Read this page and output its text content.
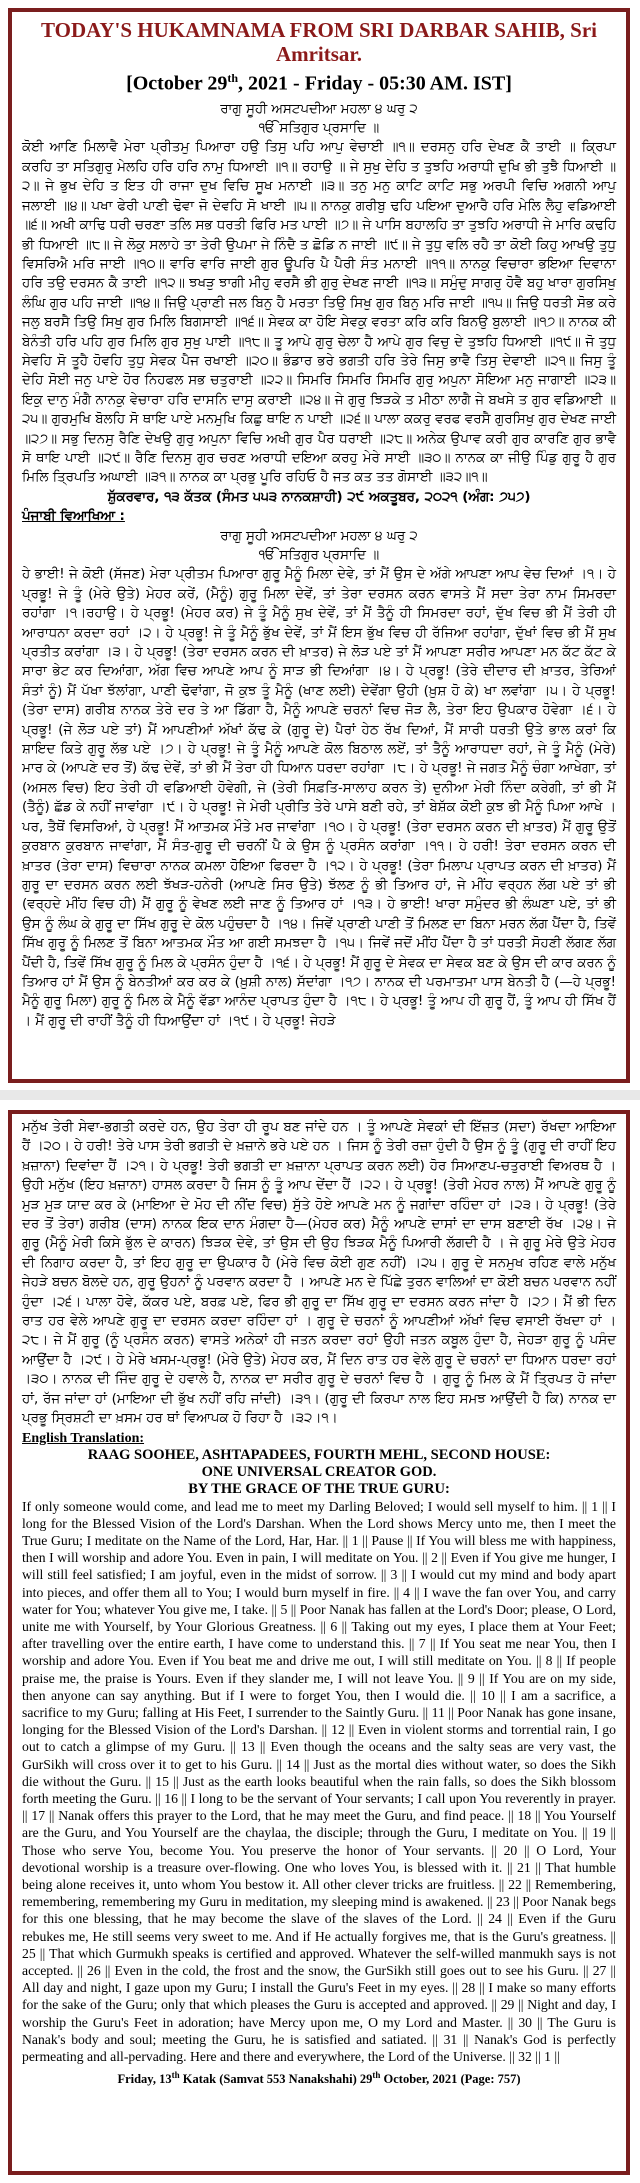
TODAY'S HUKAMNAMA FROM SRI DARBAR SAHIB, Sri Amritsar.
[October 29th, 2021 - Friday - 05:30 AM. IST]
ਰਾਗੁ ਸੂਹੀ ਅਸਟਪਦੀਆ ਮਹਲਾ ੪ ਘਰੁ ੨
ੴ ਸਤਿਗੁਰ ਪ੍ਰਸਾਦਿ ॥
ਕੋਈ ਆਣਿ ਮਿਲਾਵੈ ਮੇਰਾ ਪ੍ਰੀਤਮੁ ਪਿਆਰਾ ਹਉ ਤਿਸੁ ਪਹਿ ਆਪੁ ਵੇਚਾਈ ॥੧॥ ਦਰਸਨੁ ਹਰਿ ਦੇਖਣ ਕੈ ਤਾਈ ॥ ਕ੍ਰਿਪਾ ਕਰਹਿ ਤਾ ਸਤਿਗੁਰੁ ਮੇਲਹਿ ਹਰਿ ਹਰਿ ਨਾਮੁ ਧਿਆਈ ॥੧॥ ਰਹਾਉ ॥ ਜੇ ਸੁਖੁ ਦੇਹਿ ਤ ਤੁਝਹਿ ਅਰਾਧੀ ਦੁਖਿ ਭੀ ਤੁਝੈ ਧਿਆਈ ॥੨॥ ਜੇ ਭੁਖ ਦੇਹਿ ਤ ਇਤ ਹੀ ਰਾਜਾ ਦੁਖ ਵਿਚਿ ਸੂਖ ਮਨਾਈ ॥੩॥ ਤਨੁ ਮਨੁ ਕਾਟਿ ਕਾਟਿ ਸਭੁ ਅਰਪੀ ਵਿਚਿ ਅਗਨੀ ਆਪੁ ਜਲਾਈ ॥੪॥ ਪਖਾ ਫੇਰੀ ਪਾਣੀ ਢੋਵਾ ਜੋ ਦੇਵਹਿ ਸੋ ਖਾਈ ॥੫॥ ਨਾਨਕੁ ਗਰੀਬੁ ਢਹਿ ਪਇਆ ਦੁਆਰੈ ਹਰਿ ਮੇਲਿ ਲੈਹੁ ਵਡਿਆਈ ॥੬॥ ਅਖੀ ਕਾਢਿ ਧਰੀ ਚਰਣਾ ਤਲਿ ਸਭ ਧਰਤੀ ਫਿਰਿ ਮਤ ਪਾਈ ॥੭॥ ਜੇ ਪਾਸਿ ਬਹਾਲਹਿ ਤਾ ਤੁਝਹਿ ਅਰਾਧੀ ਜੇ ਮਾਰਿ ਕਢਹਿ ਭੀ ਧਿਆਈ ॥੮॥ ਜੇ ਲੋਕੁ ਸਲਾਹੇ ਤਾ ਤੇਰੀ ਉਪਮਾ ਜੇ ਨਿੰਦੈ ਤ ਛੋਡਿ ਨ ਜਾਈ ॥੯॥ ਜੇ ਤੁਧੁ ਵਲਿ ਰਹੈ ਤਾ ਕੋਈ ਕਿਹੁ ਆਖਉ ਤੁਧੁ ਵਿਸਰਿਐ ਮਰਿ ਜਾਈ ॥੧੦॥ ਵਾਰਿ ਵਾਰਿ ਜਾਈ ਗੁਰ ਊਪਰਿ ਪੈ ਪੈਰੀ ਸੰਤ ਮਨਾਈ ॥੧੧॥ ਨਾਨਕੁ ਵਿਚਾਰਾ ਭਇਆ ਦਿਵਾਨਾ ਹਰਿ ਤਉ ਦਰਸਨ ਕੈ ਤਾਈ ॥੧੨॥ ਝਖੜੁ ਝਾਗੀ ਮੀਹੁ ਵਰਸੈ ਭੀ ਗੁਰੁ ਦੇਖਣ ਜਾਈ ॥੧੩॥ ਸਮੁੰਦੁ ਸਾਗਰੁ ਹੋਵੈ ਬਹੁ ਖਾਰਾ ਗੁਰਸਿਖੁ ਲੰਘਿ ਗੁਰ ਪਹਿ ਜਾਈ ॥੧੪॥ ਜਿਉ ਪ੍ਰਾਣੀ ਜਲ ਬਿਨੁ ਹੈ ਮਰਤਾ ਤਿਉ ਸਿਖੁ ਗੁਰ ਬਿਨੁ ਮਰਿ ਜਾਈ ॥੧੫॥ ਜਿਉ ਧਰਤੀ ਸੋਭ ਕਰੇ ਜਲੁ ਬਰਸੈ ਤਿਉ ਸਿਖੁ ਗੁਰ ਮਿਲਿ ਬਿਗਸਾਈ ॥੧੬॥ ਸੇਵਕ ਕਾ ਹੋਇ ਸੇਵਕੁ ਵਰਤਾ ਕਰਿ ਕਰਿ ਬਿਨਉ ਬੁਲਾਈ ॥੧੭॥ ਨਾਨਕ ਕੀ ਬੇਨੰਤੀ ਹਰਿ ਪਹਿ ਗੁਰ ਮਿਲਿ ਗੁਰ ਸੁਖੁ ਪਾਈ ॥੧੮॥ ਤੂ ਆਪੇ ਗੁਰੁ ਚੇਲਾ ਹੈ ਆਪੇ ਗੁਰ ਵਿਚੁ ਦੇ ਤੁਝਹਿ ਧਿਆਈ ॥੧੯॥ ਜੋ ਤੁਧੁ ਸੇਵਹਿ ਸੋ ਤੂਹੈ ਹੋਵਹਿ ਤੁਧੁ ਸੇਵਕ ਪੈਜ ਰਖਾਈ ॥੨੦॥ ਭੰਡਾਰ ਭਰੇ ਭਗਤੀ ਹਰਿ ਤੇਰੇ ਜਿਸੁ ਭਾਵੈ ਤਿਸੁ ਦੇਵਾਈ ॥੨੧॥ ਜਿਸੁ ਤੂੰ ਦੇਹਿ ਸੋਈ ਜਨੁ ਪਾਏ ਹੋਰ ਨਿਹਫਲ ਸਭ ਚਤੁਰਾਈ ॥੨੨॥ ਸਿਮਰਿ ਸਿਮਰਿ ਸਿਮਰਿ ਗੁਰੁ ਅਪੁਨਾ ਸੋਇਆ ਮਨੁ ਜਾਗਾਈ ॥੨੩॥ ਇਕੁ ਦਾਨੁ ਮੰਗੈ ਨਾਨਕੁ ਵੇਚਾਰਾ ਹਰਿ ਦਾਸਨਿ ਦਾਸੁ ਕਰਾਈ ॥੨੪॥ ਜੇ ਗੁਰੁ ਝਿੜਕੇ ਤ ਮੀਠਾ ਲਾਗੈ ਜੇ ਬਖਸੇ ਤ ਗੁਰ ਵਡਿਆਈ ॥੨੫॥ ਗੁਰਮੁਖਿ ਬੋਲਹਿ ਸੋ ਥਾਇ ਪਾਏ ਮਨਮੁਖਿ ਕਿਛੁ ਥਾਇ ਨ ਪਾਈ ॥੨੬॥ ਪਾਲਾ ਕਕਰੁ ਵਰਫ ਵਰਸੈ ਗੁਰਸਿਖੁ ਗੁਰ ਦੇਖਣ ਜਾਈ ॥੨੭॥ ਸਭੁ ਦਿਨਸੁ ਰੈਣਿ ਦੇਖਉ ਗੁਰੁ ਅਪੁਨਾ ਵਿਚਿ ਅਖੀ ਗੁਰ ਪੈਰ ਧਰਾਈ ॥੨੮॥ ਅਨੇਕ ਉਪਾਵ ਕਰੀ ਗੁਰ ਕਾਰਣਿ ਗੁਰ ਭਾਵੈ ਸੋ ਥਾਇ ਪਾਈ ॥੨੯॥ ਰੈਣਿ ਦਿਨਸੁ ਗੁਰ ਚਰਣ ਅਰਾਧੀ ਦਇਆ ਕਰਹੁ ਮੇਰੇ ਸਾਈ ॥੩੦॥ ਨਾਨਕ ਕਾ ਜੀਉ ਪਿੰਡੁ ਗੁਰੂ ਹੈ ਗੁਰ ਮਿਲਿ ਤ੍ਰਿਪਤਿ ਅਘਾਈ ॥੩੧॥ ਨਾਨਕ ਕਾ ਪ੍ਰਭੁ ਪੂਰਿ ਰਹਿਓ ਹੈ ਜਤ ਕਤ ਤਤ ਗੋਸਾਈ ॥੩੨॥੧॥
ਸ਼ੁੱਕਰਵਾਰ, ੧੩ ਕੱਤਕ (ਸੰਮਤ ੫੫੩ ਨਾਨਕਸ਼ਾਹੀ) ੨੯ ਅਕਤੂਬਰ, ੨੦੨੧ (ਅੰਗ: ੭੫੭)
ਪੰਜਾਬੀ ਵਿਆਖਿਆ :
ਰਾਗੁ ਸੂਹੀ ਅਸਟਪਦੀਆ ਮਹਲਾ ੪ ਘਰੁ ੨
ੴ ਸਤਿਗੁਰ ਪ੍ਰਸਾਦਿ ॥
ਹੇ ਭਾਈ! ਜੇ ਕੋਈ (ਸੱਜਣ) ਮੇਰਾ ਪ੍ਰੀਤਮ ਪਿਆਰਾ ਗੁਰੂ ਮੈਨੂੰ ਮਿਲਾ ਦੇਵੇ, ਤਾਂ ਮੈਂ ਉਸ ਦੇ ਅੱਗੇ ਆਪਣਾ ਆਪ ਵੇਚ ਦਿਆਂ ।੧। ਹੇ ਪ੍ਰਭੂ! ਜੇ ਤੂੰ (ਮੇਰੇ ਉਤੇ) ਮੇਹਰ ਕਰੇਂ, (ਮੈਨੂੰ) ਗੁਰੂ ਮਿਲਾ ਦੇਵੇਂ, ਤਾਂ ਤੇਰਾ ਦਰਸਨ ਕਰਨ ਵਾਸਤੇ ਮੈਂ ਸਦਾ ਤੇਰਾ ਨਾਮ ਸਿਮਰਦਾ ਰਹਾਂਗਾ ।੧।ਰਹਾਉ। ਹੇ ਪ੍ਰਭੂ! (ਮੇਹਰ ਕਰ) ਜੇ ਤੂੰ ਮੈਨੂੰ ਸੁਖ ਦੇਵੇਂ, ਤਾਂ ਮੈਂ ਤੈਨੂੰ ਹੀ ਸਿਮਰਦਾ ਰਹਾਂ, ਦੁੱਖ ਵਿਚ ਭੀ ਮੈਂ ਤੇਰੀ ਹੀ ਆਰਾਧਨਾ ਕਰਦਾ ਰਹਾਂ ।੨। ਹੇ ਪ੍ਰਭੂ! ਜੇ ਤੂੰ ਮੈਨੂੰ ਭੁੱਖ ਦੇਵੇਂ, ਤਾਂ ਮੈਂ ਇਸ ਭੁੱਖ ਵਿਚ ਹੀ ਰੱਜਿਆ ਰਹਾਂਗਾ, ਦੁੱਖਾਂ ਵਿਚ ਭੀ ਮੈਂ ਸੁਖ ਪ੍ਰਤੀਤ ਕਰਾਂਗਾ ।੩। ਹੇ ਪ੍ਰਭੂ! (ਤੇਰਾ ਦਰਸਨ ਕਰਨ ਦੀ ਖ਼ਾਤਰ) ਜੇ ਲੋੜ ਪਏ ਤਾਂ ਮੈਂ ਆਪਣਾ ਸਰੀਰ ਆਪਣਾ ਮਨ ਕੱਟ ਕੱਟ ਕੇ ਸਾਰਾ ਭੇਟ ਕਰ ਦਿਆਂਗਾ, ਅੱਗ ਵਿਚ ਆਪਣੇ ਆਪ ਨੂੰ ਸਾੜ ਭੀ ਦਿਆਂਗਾ ।੪। ਹੇ ਪ੍ਰਭੂ! (ਤੇਰੇ ਦੀਦਾਰ ਦੀ ਖ਼ਾਤਰ, ਤੇਰਿਆਂ ਸੰਤਾਂ ਨੂੰ) ਮੈਂ ਪੱਖਾ ਝੱਲਾਂਗਾ, ਪਾਣੀ ਢੋਵਾਂਗਾ, ਜੋ ਕੁਝ ਤੂੰ ਮੈਨੂੰ (ਖਾਣ ਲਈ) ਦੇਵੇਂਗਾ ਉਹੀ (ਖ਼ੁਸ਼ ਹੋ ਕੇ) ਖਾ ਲਵਾਂਗਾ ।੫। ਹੇ ਪ੍ਰਭੂ! (ਤੇਰਾ ਦਾਸ) ਗਰੀਬ ਨਾਨਕ ਤੇਰੇ ਦਰ ਤੇ ਆ ਡਿੱਗਾ ਹੈ, ਮੈਨੂੰ ਆਪਣੇ ਚਰਨਾਂ ਵਿਚ ਜੋੜ ਲੈ, ਤੇਰਾ ਇਹ ਉਪਕਾਰ ਹੋਵੇਗਾ ।੬। ਹੇ ਪ੍ਰਭੂ! (ਜੇ ਲੋੜ ਪਏ ਤਾਂ) ਮੈਂ ਆਪਣੀਆਂ ਅੱਖਾਂ ਕੱਢ ਕੇ (ਗੁਰੂ ਦੇ) ਪੈਰਾਂ ਹੇਠ ਰੱਖ ਦਿਆਂ, ਮੈਂ ਸਾਰੀ ਧਰਤੀ ਉਤੇ ਭਾਲ ਕਰਾਂ ਕਿ ਸ਼ਾਇਦ ਕਿਤੇ ਗੁਰੂ ਲੱਭ ਪਏ ।੭। ਹੇ ਪ੍ਰਭੂ! ਜੇ ਤੂੰ ਮੈਨੂੰ ਆਪਣੇ ਕੋਲ ਬਿਠਾਲ ਲਏਂ, ਤਾਂ ਤੈਨੂੰ ਆਰਾਧਦਾ ਰਹਾਂ, ਜੇ ਤੂੰ ਮੈਨੂੰ (ਮੇਰੇ) ਮਾਰ ਕੇ (ਆਪਣੇ ਦਰ ਤੋਂ) ਕੱਢ ਦੇਵੇਂ, ਤਾਂ ਭੀ ਮੈਂ ਤੇਰਾ ਹੀ ਧਿਆਨ ਧਰਦਾ ਰਹਾਂਗਾ ।੮। ਹੇ ਪ੍ਰਭੂ! ਜੇ ਜਗਤ ਮੈਨੂੰ ਚੰਗਾ ਆਖੇਗਾ, ਤਾਂ (ਅਸਲ ਵਿਚ) ਇਹ ਤੇਰੀ ਹੀ ਵਡਿਆਈ ਹੋਵੇਗੀ, ਜੇ (ਤੇਰੀ ਸਿਫ਼ਤਿ-ਸਾਲਾਹ ਕਰਨ ਤੇ) ਦੁਨੀਆ ਮੇਰੀ ਨਿੰਦਾ ਕਰੇਗੀ, ਤਾਂ ਭੀ ਮੈਂ (ਤੈਨੂੰ) ਛੱਡ ਕੇ ਨਹੀਂ ਜਾਵਾਂਗਾ ।੯। ਹੇ ਪ੍ਰਭੂ! ਜੇ ਮੇਰੀ ਪ੍ਰੀਤਿ ਤੇਰੇ ਪਾਸੇ ਬਣੀ ਰਹੇ, ਤਾਂ ਬੇਸ਼ੱਕ ਕੋਈ ਕੁਝ ਭੀ ਮੈਨੂੰ ਪਿਆ ਆਖੇ । ਪਰ, ਤੈਥੋਂ ਵਿਸਰਿਆਂ, ਹੇ ਪ੍ਰਭੂ! ਮੈਂ ਆਤਮਕ ਮੌਤੇ ਮਰ ਜਾਵਾਂਗਾ ।੧੦। ਹੇ ਪ੍ਰਭੂ! (ਤੇਰਾ ਦਰਸਨ ਕਰਨ ਦੀ ਖ਼ਾਤਰ) ਮੈਂ ਗੁਰੂ ਉਤੋਂ ਕੁਰਬਾਨ ਕੁਰਬਾਨ ਜਾਵਾਂਗਾ, ਮੈਂ ਸੰਤ-ਗੁਰੂ ਦੀ ਚਰਨੀਂ ਪੈ ਕੇ ਉਸ ਨੂੰ ਪ੍ਰਸੰਨ ਕਰਾਂਗਾ ।੧੧। ਹੇ ਹਰੀ! ਤੇਰਾ ਦਰਸਨ ਕਰਨ ਦੀ ਖ਼ਾਤਰ (ਤੇਰਾ ਦਾਸ) ਵਿਚਾਰਾ ਨਾਨਕ ਕਮਲਾ ਹੋਇਆ ਫਿਰਦਾ ਹੈ ।੧੨। ਹੇ ਪ੍ਰਭੂ! (ਤੇਰਾ ਮਿਲਾਪ ਪ੍ਰਾਪਤ ਕਰਨ ਦੀ ਖ਼ਾਤਰ) ਮੈਂ ਗੁਰੂ ਦਾ ਦਰਸਨ ਕਰਨ ਲਈ ਝੱਖੜ-ਹਨੇਰੀ (ਆਪਣੇ ਸਿਰ ਉਤੇ) ਝੱਲਣ ਨੂੰ ਭੀ ਤਿਆਰ ਹਾਂ, ਜੇ ਮੀਂਹ ਵਰ੍ਹਨ ਲੱਗ ਪਏ ਤਾਂ ਭੀ (ਵਰ੍ਹਦੇ ਮੀਂਹ ਵਿਚ ਹੀ) ਮੈਂ ਗੁਰੂ ਨੂੰ ਵੇਖਣ ਲਈ ਜਾਣ ਨੂੰ ਤਿਆਰ ਹਾਂ ।੧੩। ਹੇ ਭਾਈ! ਖਾਰਾ ਸਮੁੰਦਰ ਭੀ ਲੰਘਣਾ ਪਏ, ਤਾਂ ਭੀ ਉਸ ਨੂੰ ਲੰਘ ਕੇ ਗੁਰੂ ਦਾ ਸਿੱਖ ਗੁਰੂ ਦੇ ਕੋਲ ਪਹੁੰਚਦਾ ਹੈ ।੧੪। ਜਿਵੇਂ ਪ੍ਰਾਣੀ ਪਾਣੀ ਤੋਂ ਮਿਲਣ ਦਾ ਬਿਨਾ ਮਰਨ ਲੱਗ ਪੈਂਦਾ ਹੈ, ਤਿਵੇਂ ਸਿੱਖ ਗੁਰੂ ਨੂੰ ਮਿਲਣ ਤੋਂ ਬਿਨਾ ਆਤਮਕ ਮੌਤ ਆ ਗਈ ਸਮਝਦਾ ਹੈ ।੧੫। ਜਿਵੇਂ ਜਦੋਂ ਮੀਂਹ ਪੈਂਦਾ ਹੈ ਤਾਂ ਧਰਤੀ ਸੋਹਣੀ ਲੱਗਣ ਲੱਗ ਪੈਂਦੀ ਹੈ, ਤਿਵੇਂ ਸਿੱਖ ਗੁਰੂ ਨੂੰ ਮਿਲ ਕੇ ਪ੍ਰਸੰਨ ਹੁੰਦਾ ਹੈ ।੧੬। ਹੇ ਪ੍ਰਭੂ! ਮੈਂ ਗੁਰੂ ਦੇ ਸੇਵਕ ਦਾ ਸੇਵਕ ਬਣ ਕੇ ਉਸ ਦੀ ਕਾਰ ਕਰਨ ਨੂੰ ਤਿਆਰ ਹਾਂ ਮੈਂ ਉਸ ਨੂੰ ਬੇਨਤੀਆਂ ਕਰ ਕਰ ਕੇ (ਖ਼ੁਸ਼ੀ ਨਾਲ) ਸੱਦਾਂਗਾ ।੧੭। ਨਾਨਕ ਦੀ ਪਰਮਾਤਮਾ ਪਾਸ ਬੇਨਤੀ ਹੈ (—ਹੇ ਪ੍ਰਭੂ! ਮੈਨੂੰ ਗੁਰੂ ਮਿਲਾ) ਗੁਰੂ ਨੂੰ ਮਿਲ ਕੇ ਮੈਨੂੰ ਵੱਡਾ ਆਨੰਦ ਪ੍ਰਾਪਤ ਹੁੰਦਾ ਹੈ ।੧੮। ਹੇ ਪ੍ਰਭੂ! ਤੂੰ ਆਪ ਹੀ ਗੁਰੂ ਹੈਂ, ਤੂੰ ਆਪ ਹੀ ਸਿੱਖ ਹੈਂ । ਮੈਂ ਗੁਰੂ ਦੀ ਰਾਹੀਂ ਤੈਨੂੰ ਹੀ ਧਿਆਉਂਦਾ ਹਾਂ ।੧੯। ਹੇ ਪ੍ਰਭੂ! ਜੇਹੜੇ
ਮਨੁੱਖ ਤੇਰੀ ਸੇਵਾ-ਭਗਤੀ ਕਰਦੇ ਹਨ, ਉਹ ਤੇਰਾ ਹੀ ਰੂਪ ਬਣ ਜਾਂਦੇ ਹਨ । ਤੂੰ ਆਪਣੇ ਸੇਵਕਾਂ ਦੀ ਇੱਜ਼ਤ (ਸਦਾ) ਰੱਖਦਾ ਆਇਆ ਹੈਂ ।੨੦। ਹੇ ਹਰੀ! ਤੇਰੇ ਪਾਸ ਤੇਰੀ ਭਗਤੀ ਦੇ ਖ਼ਜ਼ਾਨੇ ਭਰੇ ਪਏ ਹਨ । ਜਿਸ ਨੂੰ ਤੇਰੀ ਰਜ਼ਾ ਹੁੰਦੀ ਹੈ ਉਸ ਨੂੰ ਤੂੰ (ਗੁਰੂ ਦੀ ਰਾਹੀਂ ਇਹ ਖ਼ਜ਼ਾਨਾ) ਦਿਵਾਂਦਾ ਹੈਂ ।੨੧। ਹੇ ਪ੍ਰਭੂ! ਤੇਰੀ ਭਗਤੀ ਦਾ ਖ਼ਜ਼ਾਨਾ ਪ੍ਰਾਪਤ ਕਰਨ ਲਈ) ਹੋਰ ਸਿਆਣਪ-ਚਤੁਰਾਈ ਵਿਅਰਥ ਹੈ । ਉਹੀ ਮਨੁੱਖ (ਇਹ ਖ਼ਜ਼ਾਨਾ) ਹਾਸਲ ਕਰਦਾ ਹੈ ਜਿਸ ਨੂੰ ਤੂੰ ਆਪ ਦੇਂਦਾ ਹੈਂ ।੨੨। ਹੇ ਪ੍ਰਭੂ! (ਤੇਰੀ ਮੇਹਰ ਨਾਲ) ਮੈਂ ਆਪਣੇ ਗੁਰੂ ਨੂੰ ਮੁੜ ਮੁੜ ਯਾਦ ਕਰ ਕੇ (ਮਾਇਆ ਦੇ ਮੋਹ ਦੀ ਨੀਂਦ ਵਿਚ) ਸੁੱਤੇ ਹੋਏ ਆਪਣੇ ਮਨ ਨੂੰ ਜਗਾਂਦਾ ਰਹਿੰਦਾ ਹਾਂ ।੨੩। ਹੇ ਪ੍ਰਭੂ! (ਤੇਰੇ ਦਰ ਤੋਂ ਤੇਰਾ) ਗਰੀਬ (ਦਾਸ) ਨਾਨਕ ਇਕ ਦਾਨ ਮੰਗਦਾ ਹੈ—(ਮੇਹਰ ਕਰ) ਮੈਨੂੰ ਆਪਣੇ ਦਾਸਾਂ ਦਾ ਦਾਸ ਬਣਾਈ ਰੱਖ ।੨੪। ਜੇ ਗੁਰੂ (ਮੈਨੂੰ ਮੇਰੀ ਕਿਸੇ ਭੁੱਲ ਦੇ ਕਾਰਨ) ਝਿੜਕ ਦੇਵੇ, ਤਾਂ ਉਸ ਦੀ ਉਹ ਝਿੜਕ ਮੈਨੂੰ ਪਿਆਰੀ ਲੱਗਦੀ ਹੈ । ਜੇ ਗੁਰੂ ਮੇਰੇ ਉਤੇ ਮੇਹਰ ਦੀ ਨਿਗਾਹ ਕਰਦਾ ਹੈ, ਤਾਂ ਇਹ ਗੁਰੂ ਦਾ ਉਪਕਾਰ ਹੈ (ਮੇਰੇ ਵਿਚ ਕੋਈ ਗੁਣ ਨਹੀਂ) ।੨੫। ਗੁਰੂ ਦੇ ਸਨਮੁਖ ਰਹਿਣ ਵਾਲੇ ਮਨੁੱਖ ਜੇਹੜੇ ਬਚਨ ਬੋਲਦੇ ਹਨ, ਗੁਰੂ ਉਹਨਾਂ ਨੂੰ ਪਰਵਾਨ ਕਰਦਾ ਹੈ । ਆਪਣੇ ਮਨ ਦੇ ਪਿੱਛੇ ਤੁਰਨ ਵਾਲਿਆਂ ਦਾ ਕੋਈ ਬਚਨ ਪਰਵਾਨ ਨਹੀਂ ਹੁੰਦਾ ।੨੬। ਪਾਲਾ ਹੋਵੇ, ਕੱਕਰ ਪਏ, ਬਰਫ਼ ਪਏ, ਫਿਰ ਭੀ ਗੁਰੂ ਦਾ ਸਿੱਖ ਗੁਰੂ ਦਾ ਦਰਸਨ ਕਰਨ ਜਾਂਦਾ ਹੈ ।੨੭। ਮੈਂ ਭੀ ਦਿਨ ਰਾਤ ਹਰ ਵੇਲੇ ਆਪਣੇ ਗੁਰੂ ਦਾ ਦਰਸਨ ਕਰਦਾ ਰਹਿੰਦਾ ਹਾਂ । ਗੁਰੂ ਦੇ ਚਰਨਾਂ ਨੂੰ ਆਪਣੀਆਂ ਅੱਖਾਂ ਵਿਚ ਵਸਾਈ ਰੱਖਦਾ ਹਾਂ ।੨੮। ਜੇ ਮੈਂ ਗੁਰੂ (ਨੂੰ ਪ੍ਰਸੰਨ ਕਰਨ) ਵਾਸਤੇ ਅਨੇਕਾਂ ਹੀ ਜਤਨ ਕਰਦਾ ਰਹਾਂ ਉਹੀ ਜਤਨ ਕਬੂਲ ਹੁੰਦਾ ਹੈ, ਜੇਹੜਾ ਗੁਰੂ ਨੂੰ ਪਸੰਦ ਆਉਂਦਾ ਹੈ ।੨੯। ਹੇ ਮੇਰੇ ਖਸਮ-ਪ੍ਰਭੂ! (ਮੇਰੇ ਉਤੇ) ਮੇਹਰ ਕਰ, ਮੈਂ ਦਿਨ ਰਾਤ ਹਰ ਵੇਲੇ ਗੁਰੂ ਦੇ ਚਰਨਾਂ ਦਾ ਧਿਆਨ ਧਰਦਾ ਰਹਾਂ ।੩੦। ਨਾਨਕ ਦੀ ਜਿੰਦ ਗੁਰੂ ਦੇ ਹਵਾਲੇ ਹੈ, ਨਾਨਕ ਦਾ ਸਰੀਰ ਗੁਰੂ ਦੇ ਚਰਨਾਂ ਵਿਚ ਹੈ । ਗੁਰੂ ਨੂੰ ਮਿਲ ਕੇ ਮੈਂ ਤ੍ਰਿਪਤ ਹੋ ਜਾਂਦਾ ਹਾਂ, ਰੱਜ ਜਾਂਦਾ ਹਾਂ (ਮਾਇਆ ਦੀ ਭੁੱਖ ਨਹੀਂ ਰਹਿ ਜਾਂਦੀ) ।੩੧। (ਗੁਰੂ ਦੀ ਕਿਰਪਾ ਨਾਲ ਇਹ ਸਮਝ ਆਉਂਦੀ ਹੈ ਕਿ) ਨਾਨਕ ਦਾ ਪ੍ਰਭੂ ਸ੍ਰਿਸ਼ਟੀ ਦਾ ਖ਼ਸਮ ਹਰ ਥਾਂ ਵਿਆਪਕ ਹੋ ਰਿਹਾ ਹੈ ।੩੨।੧।
English Translation:
RAAG SOOHEE, ASHTAPADEES, FOURTH MEHL, SECOND HOUSE:
ONE UNIVERSAL CREATOR GOD.
BY THE GRACE OF THE TRUE GURU:
If only someone would come, and lead me to meet my Darling Beloved; I would sell myself to him. || 1 || I long for the Blessed Vision of the Lord's Darshan. When the Lord shows Mercy unto me, then I meet the True Guru; I meditate on the Name of the Lord, Har, Har. || 1 || Pause || If You will bless me with happiness, then I will worship and adore You. Even in pain, I will meditate on You. || 2 || Even if You give me hunger, I will still feel satisfied; I am joyful, even in the midst of sorrow. || 3 || I would cut my mind and body apart into pieces, and offer them all to You; I would burn myself in fire. || 4 || I wave the fan over You, and carry water for You; whatever You give me, I take. || 5 || Poor Nanak has fallen at the Lord's Door; please, O Lord, unite me with Yourself, by Your Glorious Greatness. || 6 || Taking out my eyes, I place them at Your Feet; after travelling over the entire earth, I have come to understand this. || 7 || If You seat me near You, then I worship and adore You. Even if You beat me and drive me out, I will still meditate on You. || 8 || If people praise me, the praise is Yours. Even if they slander me, I will not leave You. || 9 || If You are on my side, then anyone can say anything. But if I were to forget You, then I would die. || 10 || I am a sacrifice, a sacrifice to my Guru; falling at His Feet, I surrender to the Saintly Guru. || 11 || Poor Nanak has gone insane, longing for the Blessed Vision of the Lord's Darshan. || 12 || Even in violent storms and torrential rain, I go out to catch a glimpse of my Guru. || 13 || Even though the oceans and the salty seas are very vast, the GurSikh will cross over it to get to his Guru. || 14 || Just as the mortal dies without water, so does the Sikh die without the Guru. || 15 || Just as the earth looks beautiful when the rain falls, so does the Sikh blossom forth meeting the Guru. || 16 || I long to be the servant of Your servants; I call upon You reverently in prayer. || 17 || Nanak offers this prayer to the Lord, that he may meet the Guru, and find peace. || 18 || You Yourself are the Guru, and You Yourself are the chaylaa, the disciple; through the Guru, I meditate on You. || 19 || Those who serve You, become You. You preserve the honor of Your servants. || 20 || O Lord, Your devotional worship is a treasure over-flowing. One who loves You, is blessed with it. || 21 || That humble being alone receives it, unto whom You bestow it. All other clever tricks are fruitless. || 22 || Remembering, remembering, remembering my Guru in meditation, my sleeping mind is awakened. || 23 || Poor Nanak begs for this one blessing, that he may become the slave of the slaves of the Lord. || 24 || Even if the Guru rebukes me, He still seems very sweet to me. And if He actually forgives me, that is the Guru's greatness. || 25 || That which Gurmukh speaks is certified and approved. Whatever the self-willed manmukh says is not accepted. || 26 || Even in the cold, the frost and the snow, the GurSikh still goes out to see his Guru. || 27 || All day and night, I gaze upon my Guru; I install the Guru's Feet in my eyes. || 28 || I make so many efforts for the sake of the Guru; only that which pleases the Guru is accepted and approved. || 29 || Night and day, I worship the Guru's Feet in adoration; have Mercy upon me, O my Lord and Master. || 30 || The Guru is Nanak's body and soul; meeting the Guru, he is satisfied and satiated. || 31 || Nanak's God is perfectly permeating and all-pervading. Here and there and everywhere, the Lord of the Universe. || 32 || 1 ||
Friday, 13th Katak (Samvat 553 Nanakshahi) 29th October, 2021 (Page: 757)
